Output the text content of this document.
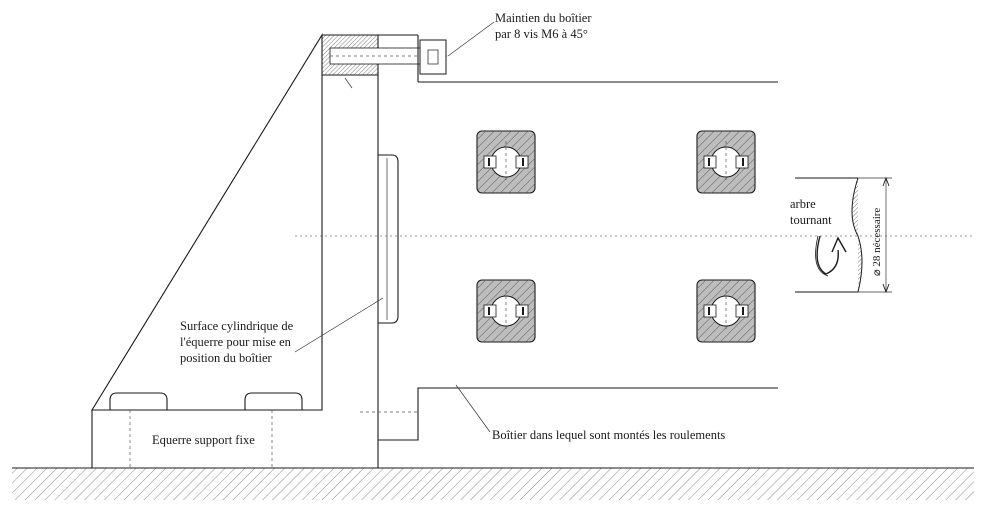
Maintien du boîtier
par 8 vis M6 à 45°
Surface cylindrique de
l'équerre pour mise en
position du boîtier
Equerre support fixe	Boîtier dans lequel sont montés les roulements
arbre
tournant	⌀ 28 nécessaire
